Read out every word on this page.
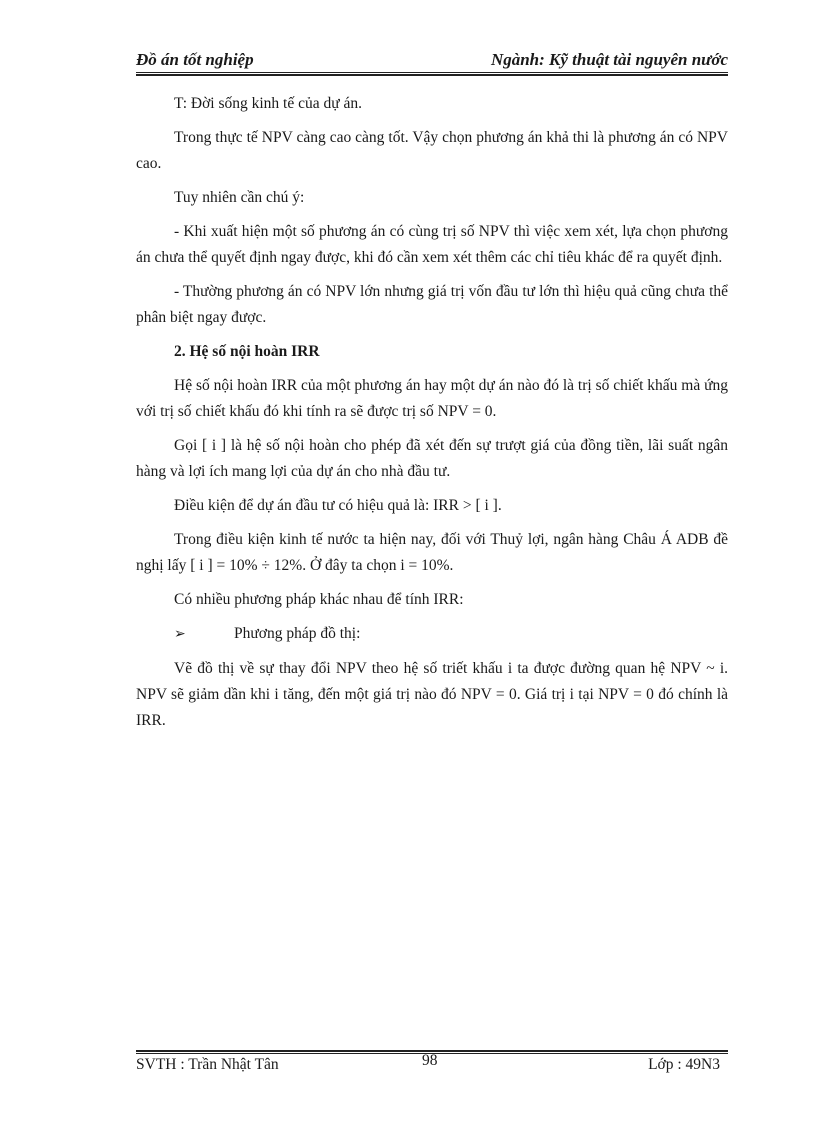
Đồ án tốt nghiệp	Ngành: Kỹ thuật tài nguyên nước

T: Đời sống kinh tế của dự án.

Trong thực tế NPV càng cao càng tốt. Vậy chọn phương án khả thi là phương án có NPV cao.

Tuy nhiên cần chú ý:

- Khi xuất hiện một số phương án có cùng trị số NPV thì việc xem xét, lựa chọn phương án chưa thể quyết định ngay được, khi đó cần xem xét thêm các chỉ tiêu khác để ra quyết định.

- Thường phương án có NPV lớn nhưng giá trị vốn đầu tư lớn thì hiệu quả cũng chưa thể phân biệt ngay được.

2. Hệ số nội hoàn IRR

Hệ số nội hoàn IRR của một phương án hay một dự án nào đó là trị số chiết khấu mà ứng với trị số chiết khấu đó khi tính ra sẽ được trị số NPV = 0.

Gọi [ i ] là hệ số nội hoàn cho phép đã xét đến sự trượt giá của đồng tiền, lãi suất ngân hàng và lợi ích mang lợi của dự án cho nhà đầu tư.

Điều kiện để dự án đầu tư có hiệu quả là: IRR > [ i ].

Trong điều kiện kinh tế nước ta hiện nay, đối với Thuỷ lợi, ngân hàng Châu Á ADB đề nghị lấy [ i ] = 10% ÷ 12%. Ở đây ta chọn i = 10%.

Có nhiều phương pháp khác nhau để tính IRR:

➢	Phương pháp đồ thị:

Vẽ đồ thị về sự thay đổi NPV theo hệ số triết khấu i ta được đường quan hệ NPV ~ i. NPV sẽ giảm dần khi i tăng, đến một giá trị nào đó NPV = 0. Giá trị i tại NPV = 0 đó chính là IRR.

SVTH : Trần Nhật Tân	98	Lớp : 49N3
